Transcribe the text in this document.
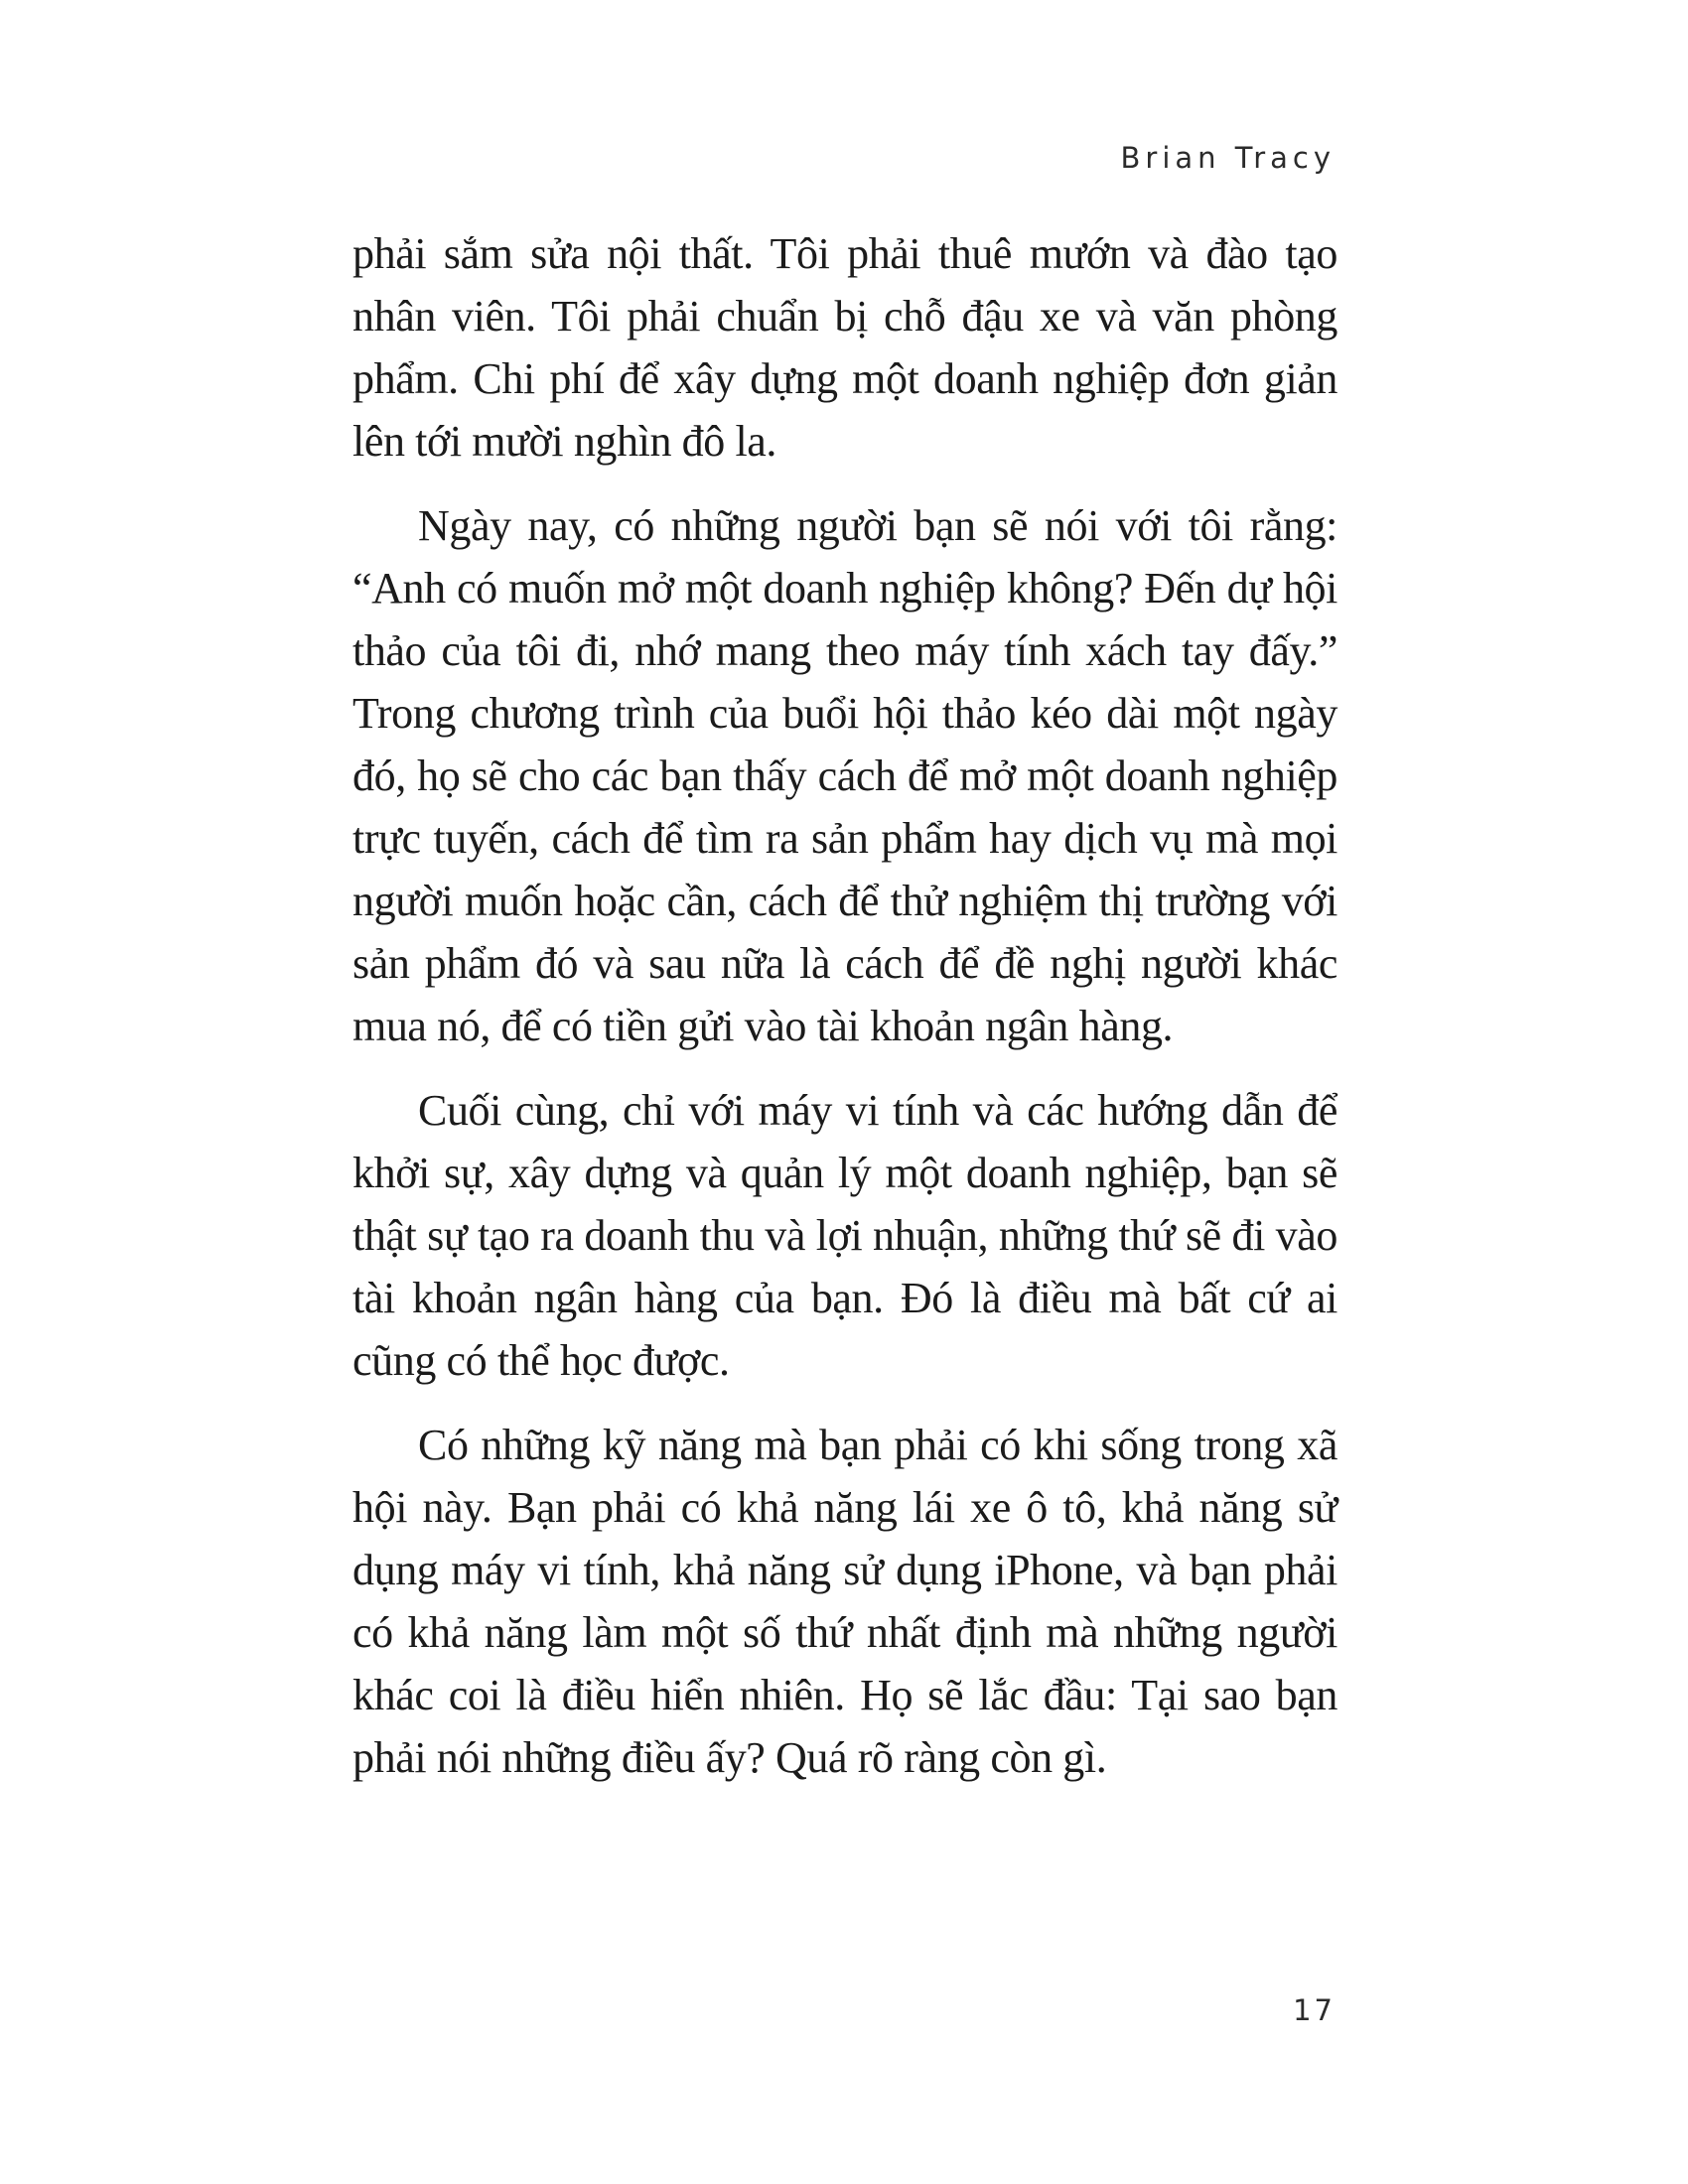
Brian Tracy

phải sắm sửa nội thất. Tôi phải thuê mướn và đào tạo nhân viên. Tôi phải chuẩn bị chỗ đậu xe và văn phòng phẩm. Chi phí để xây dựng một doanh nghiệp đơn giản lên tới mười nghìn đô la.

Ngày nay, có những người bạn sẽ nói với tôi rằng: “Anh có muốn mở một doanh nghiệp không? Đến dự hội thảo của tôi đi, nhớ mang theo máy tính xách tay đấy.” Trong chương trình của buổi hội thảo kéo dài một ngày đó, họ sẽ cho các bạn thấy cách để mở một doanh nghiệp trực tuyến, cách để tìm ra sản phẩm hay dịch vụ mà mọi người muốn hoặc cần, cách để thử nghiệm thị trường với sản phẩm đó và sau nữa là cách để đề nghị người khác mua nó, để có tiền gửi vào tài khoản ngân hàng.

Cuối cùng, chỉ với máy vi tính và các hướng dẫn để khởi sự, xây dựng và quản lý một doanh nghiệp, bạn sẽ thật sự tạo ra doanh thu và lợi nhuận, những thứ sẽ đi vào tài khoản ngân hàng của bạn. Đó là điều mà bất cứ ai cũng có thể học được.

Có những kỹ năng mà bạn phải có khi sống trong xã hội này. Bạn phải có khả năng lái xe ô tô, khả năng sử dụng máy vi tính, khả năng sử dụng iPhone, và bạn phải có khả năng làm một số thứ nhất định mà những người khác coi là điều hiển nhiên. Họ sẽ lắc đầu: Tại sao bạn phải nói những điều ấy? Quá rõ ràng còn gì.

17
